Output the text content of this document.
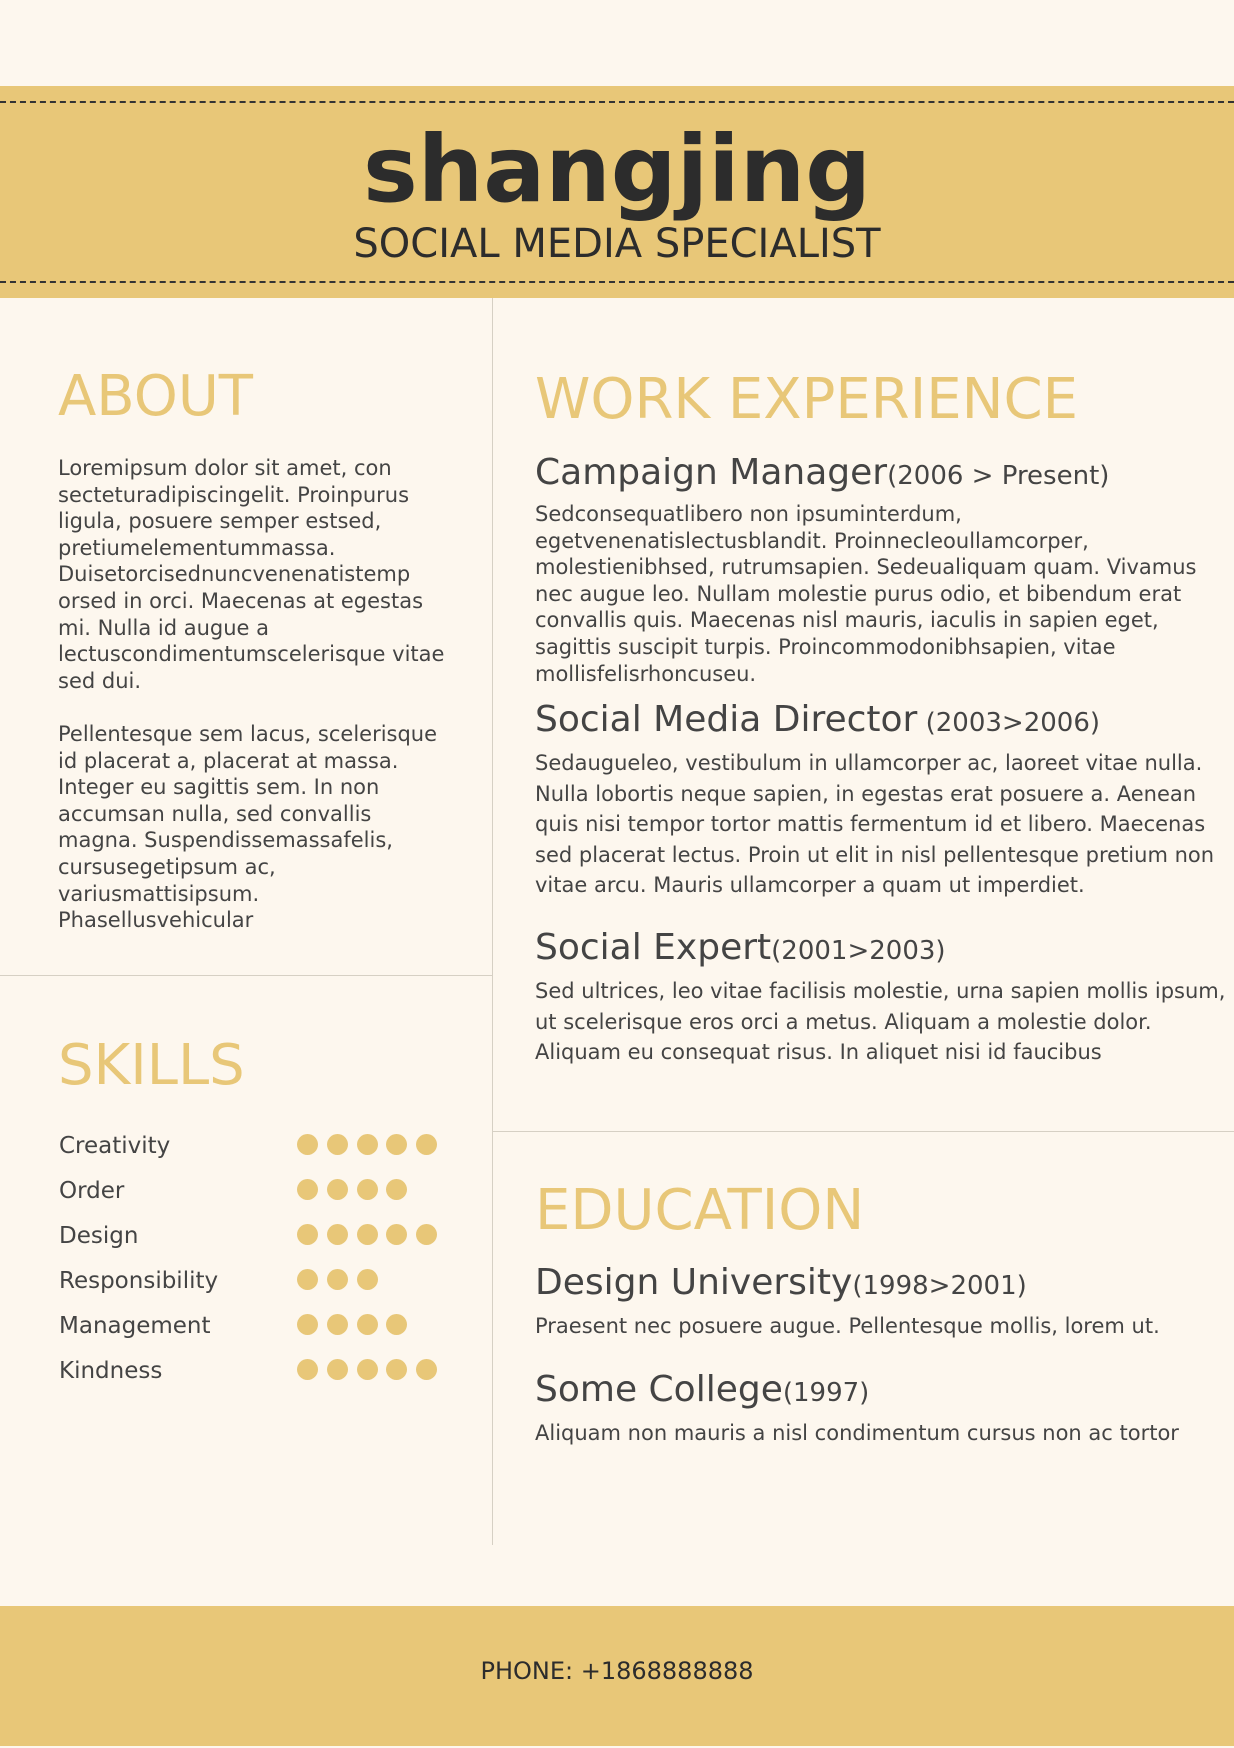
shangjing
SOCIAL MEDIA SPECIALIST
ABOUT

Loremipsum dolor sit amet, con secteturadipiscingelit. Proinpurus ligula, posuere semper estsed, pretiumelementummassa. Duisetorcisednuncvenenatistemp orsed in orci. Maecenas at egestas mi. Nulla id augue a lectuscondimentumscelerisque vitae sed dui.

Pellentesque sem lacus, scelerisque id placerat a, placerat at massa. Integer eu sagittis sem. In non accumsan nulla, sed convallis magna. Suspendissemassafelis, cursusegetipsum ac, variusmattisipsum. Phasellusvehicular

SKILLS
Creativity
Order
Design
Responsibility
Management
Kindness
WORK EXPERIENCE
Campaign Manager(2006 > Present)
Sedconsequatlibero non ipsuminterdum, egetvenenatislectusblandit. Proinnecleoullamcorper, molestienibhsed, rutrumsapien. Sedeualiquam quam. Vivamus nec augue leo. Nullam molestie purus odio, et bibendum erat convallis quis. Maecenas nisl mauris, iaculis in sapien eget, sagittis suscipit turpis. Proincommodonibhsapien, vitae mollisfelisrhoncuseu.
Social Media Director (2003>2006)
Sedaugueleo, vestibulum in ullamcorper ac, laoreet vitae nulla. Nulla lobortis neque sapien, in egestas erat posuere a. Aenean quis nisi tempor tortor mattis fermentum id et libero. Maecenas sed placerat lectus. Proin ut elit in nisl pellentesque pretium non vitae arcu. Mauris ullamcorper a quam ut imperdiet.
Social Expert(2001>2003)
Sed ultrices, leo vitae facilisis molestie, urna sapien mollis ipsum, ut scelerisque eros orci a metus. Aliquam a molestie dolor. Aliquam eu consequat risus. In aliquet nisi id faucibus
EDUCATION
Design University(1998>2001)
Praesent nec posuere augue. Pellentesque mollis, lorem ut.
Some College(1997)
Aliquam non mauris a nisl condimentum cursus non ac tortor
PHONE: +1868888888
